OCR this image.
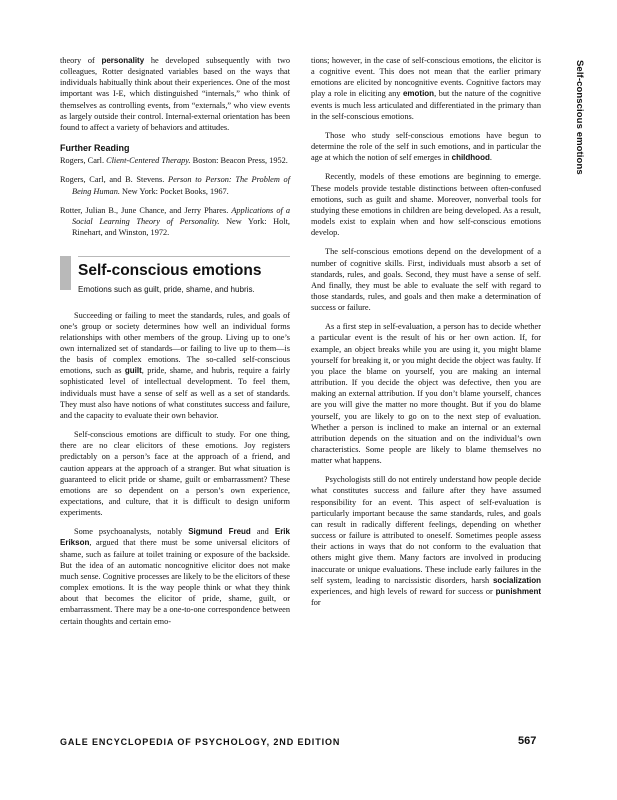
Self-conscious emotions

theory of personality he developed subsequently with two colleagues, Rotter designated variables based on the ways that individuals habitually think about their experiences. One of the most important was I-E, which distinguished “internals,” who think of themselves as controlling events, from “externals,” who view events as largely outside their control. Internal-external orientation has been found to affect a variety of behaviors and attitudes.

Further Reading

Rogers, Carl. Client-Centered Therapy. Boston: Beacon Press, 1952.

Rogers, Carl, and B. Stevens. Person to Person: The Problem of Being Human. New York: Pocket Books, 1967.

Rotter, Julian B., June Chance, and Jerry Phares. Applications of a Social Learning Theory of Personality. New York: Holt, Rinehart, and Winston, 1972.

Self-conscious emotions
Emotions such as guilt, pride, shame, and hubris.

Succeeding or failing to meet the standards, rules, and goals of one’s group or society determines how well an individual forms relationships with other members of the group. Living up to one’s own internalized set of standards—or failing to live up to them—is the basis of complex emotions. The so-called self-conscious emotions, such as guilt, pride, shame, and hubris, require a fairly sophisticated level of intellectual development. To feel them, individuals must have a sense of self as well as a set of standards. They must also have notions of what constitutes success and failure, and the capacity to evaluate their own behavior.

Self-conscious emotions are difficult to study. For one thing, there are no clear elicitors of these emotions. Joy registers predictably on a person’s face at the approach of a friend, and caution appears at the approach of a stranger. But what situation is guaranteed to elicit pride or shame, guilt or embarrassment? These emotions are so dependent on a person’s own experience, expectations, and culture, that it is difficult to design uniform experiments.

Some psychoanalysts, notably Sigmund Freud and Erik Erikson, argued that there must be some universal elicitors of shame, such as failure at toilet training or exposure of the backside. But the idea of an automatic noncognitive elicitor does not make much sense. Cognitive processes are likely to be the elicitors of these complex emotions. It is the way people think or what they think about that becomes the elicitor of pride, shame, guilt, or embarrassment. There may be a one-to-one correspondence between certain thoughts and certain emo-

tions; however, in the case of self-conscious emotions, the elicitor is a cognitive event. This does not mean that the earlier primary emotions are elicited by noncognitive events. Cognitive factors may play a role in eliciting any emotion, but the nature of the cognitive events is much less articulated and differentiated in the primary than in the self-conscious emotions.

Those who study self-conscious emotions have begun to determine the role of the self in such emotions, and in particular the age at which the notion of self emerges in childhood.

Recently, models of these emotions are beginning to emerge. These models provide testable distinctions between often-confused emotions, such as guilt and shame. Moreover, nonverbal tools for studying these emotions in children are being developed. As a result, models exist to explain when and how self-conscious emotions develop.

The self-conscious emotions depend on the development of a number of cognitive skills. First, individuals must absorb a set of standards, rules, and goals. Second, they must have a sense of self. And finally, they must be able to evaluate the self with regard to those standards, rules, and goals and then make a determination of success or failure.

As a first step in self-evaluation, a person has to decide whether a particular event is the result of his or her own action. If, for example, an object breaks while you are using it, you might blame yourself for breaking it, or you might decide the object was faulty. If you place the blame on yourself, you are making an internal attribution. If you decide the object was defective, then you are making an external attribution. If you don’t blame yourself, chances are you will give the matter no more thought. But if you do blame yourself, you are likely to go on to the next step of evaluation. Whether a person is inclined to make an internal or an external attribution depends on the situation and on the individual’s own characteristics. Some people are likely to blame themselves no matter what happens.

Psychologists still do not entirely understand how people decide what constitutes success and failure after they have assumed responsibility for an event. This aspect of self-evaluation is particularly important because the same standards, rules, and goals can result in radically different feelings, depending on whether success or failure is attributed to oneself. Sometimes people assess their actions in ways that do not conform to the evaluation that others might give them. Many factors are involved in producing inaccurate or unique evaluations. These include early failures in the self system, leading to narcissistic disorders, harsh socialization experiences, and high levels of reward for success or punishment for

GALE ENCYCLOPEDIA OF PSYCHOLOGY, 2ND EDITION	567
